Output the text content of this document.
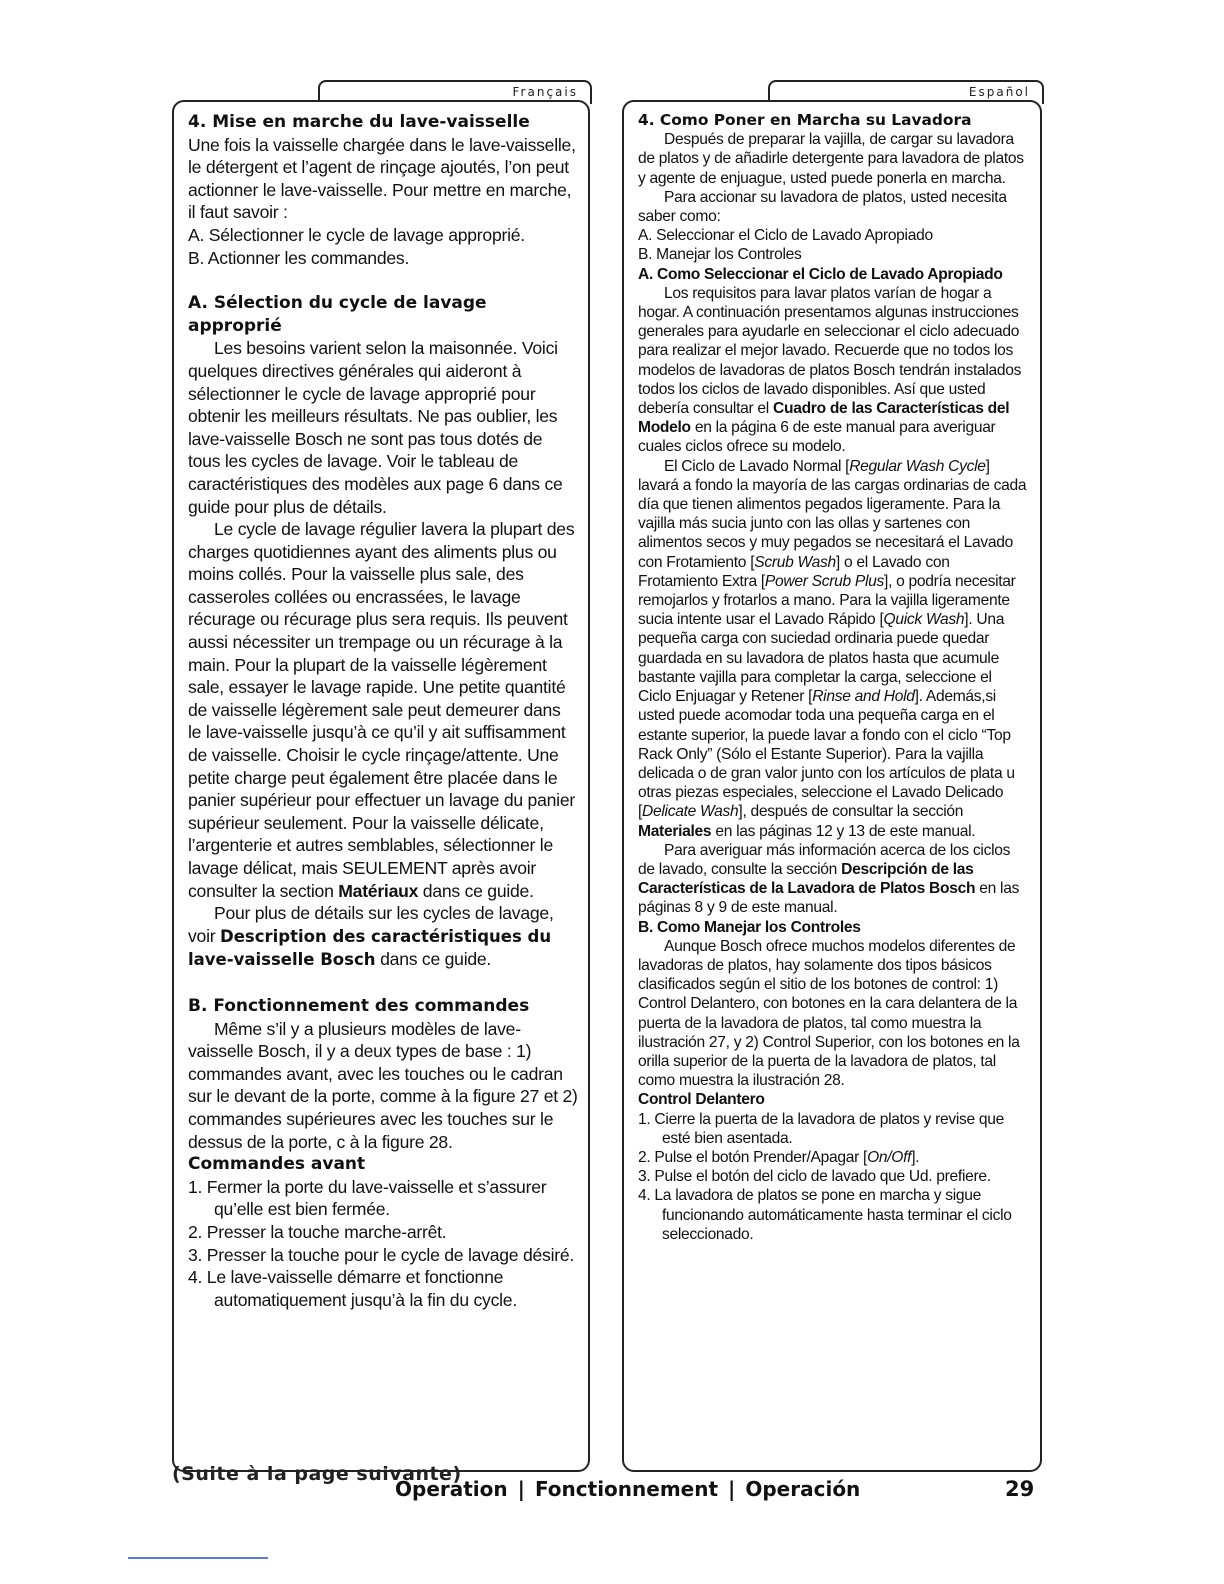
Français	Español
4. Mise en marche du lave-vaisselle

Une fois la vaisselle chargée dans le lave-vaisselle, le détergent et l’agent de rinçage ajoutés, l’on peut actionner le lave-vaisselle. Pour mettre en marche, il faut savoir :

A. Sélectionner le cycle de lavage approprié.

B. Actionner les commandes.

A. Sélection du cycle de lavage approprié

Les besoins varient selon la maisonnée. Voici quelques directives générales qui aideront à sélectionner le cycle de lavage approprié pour obtenir les meilleurs résultats. Ne pas oublier, les lave-vaisselle Bosch ne sont pas tous dotés de tous les cycles de lavage. Voir le tableau de caractéristiques des modèles aux page 6 dans ce guide pour plus de détails.

Le cycle de lavage régulier lavera la plupart des charges quotidiennes ayant des aliments plus ou moins collés. Pour la vaisselle plus sale, des casseroles collées ou encrassées, le lavage récurage ou récurage plus sera requis. Ils peuvent aussi nécessiter un trempage ou un récurage à la main. Pour la plupart de la vaisselle légèrement sale, essayer le lavage rapide. Une petite quantité de vaisselle légèrement sale peut demeurer dans le lave-vaisselle jusqu’à ce qu’il y ait suffisamment de vaisselle. Choisir le cycle rinçage/attente. Une petite charge peut également être placée dans le panier supérieur pour effectuer un lavage du panier supérieur seulement. Pour la vaisselle délicate, l’argenterie et autres semblables, sélectionner le lavage délicat, mais SEULEMENT après avoir consulter la section Matériaux dans ce guide.

Pour plus de détails sur les cycles de lavage, voir Description des caractéristiques du lave-vaisselle Bosch dans ce guide.

B. Fonctionnement des commandes

Même s’il y a plusieurs modèles de lave-vaisselle Bosch, il y a deux types de base : 1) commandes avant, avec les touches ou le cadran sur le devant de la porte, comme à la figure 27 et 2) commandes supérieures avec les touches sur le dessus de la porte, c à la figure 28.

Commandes avant
1. Fermer la porte du lave-vaisselle et s’assurer qu’elle est bien fermée.
2. Presser la touche marche-arrêt.
3. Presser la touche pour le cycle de lavage désiré.
4. Le lave-vaisselle démarre et fonctionne automatiquement jusqu’à la fin du cycle.
4. Como Poner en Marcha su Lavadora

Después de preparar la vajilla, de cargar su lavadora de platos y de añadirle detergente para lavadora de platos y agente de enjuague, usted puede ponerla en marcha.

Para accionar su lavadora de platos, usted necesita saber como:

A. Seleccionar el Ciclo de Lavado Apropiado

B. Manejar los Controles

A. Como Seleccionar el Ciclo de Lavado Apropiado

Los requisitos para lavar platos varían de hogar a hogar. A continuación presentamos algunas instrucciones generales para ayudarle en seleccionar el ciclo adecuado para realizar el mejor lavado. Recuerde que no todos los modelos de lavadoras de platos Bosch tendrán instalados todos los ciclos de lavado disponibles. Así que usted debería consultar el Cuadro de las Características del Modelo en la página 6 de este manual para averiguar cuales ciclos ofrece su modelo.

El Ciclo de Lavado Normal [Regular Wash Cycle] lavará a fondo la mayoría de las cargas ordinarias de cada día que tienen alimentos pegados ligeramente. Para la vajilla más sucia junto con las ollas y sartenes con alimentos secos y muy pegados se necesitará el Lavado con Frotamiento [Scrub Wash] o el Lavado con Frotamiento Extra [Power Scrub Plus], o podría necesitar remojarlos y frotarlos a mano. Para la vajilla ligeramente sucia intente usar el Lavado Rápido [Quick Wash]. Una pequeña carga con suciedad ordinaria puede quedar guardada en su lavadora de platos hasta que acumule bastante vajilla para completar la carga, seleccione el Ciclo Enjuagar y Retener [Rinse and Hold]. Además,si usted puede acomodar toda una pequeña carga en el estante superior, la puede lavar a fondo con el ciclo “Top Rack Only” (Sólo el Estante Superior). Para la vajilla delicada o de gran valor junto con los artículos de plata u otras piezas especiales, seleccione el Lavado Delicado [Delicate Wash], después de consultar la sección Materiales en las páginas 12 y 13 de este manual.

Para averiguar más información acerca de los ciclos de lavado, consulte la sección Descripción de las Características de la Lavadora de Platos Bosch en las páginas 8 y 9 de este manual.

B. Como Manejar los Controles

Aunque Bosch ofrece muchos modelos diferentes de lavadoras de platos, hay solamente dos tipos básicos clasificados según el sitio de los botones de control: 1) Control Delantero, con botones en la cara delantera de la puerta de la lavadora de platos, tal como muestra la ilustración 27, y 2) Control Superior, con los botones en la orilla superior de la puerta de la lavadora de platos, tal como muestra la ilustración 28.

Control Delantero
1. Cierre la puerta de la lavadora de platos y revise que esté bien asentada.
2. Pulse el botón Prender/Apagar [On/Off].
3. Pulse el botón del ciclo de lavado que Ud. prefiere.
4. La lavadora de platos se pone en marcha y sigue funcionando automáticamente hasta terminar el ciclo seleccionado.
(Suite à la page suivante)
Operation | Fonctionnement | Operación	29
